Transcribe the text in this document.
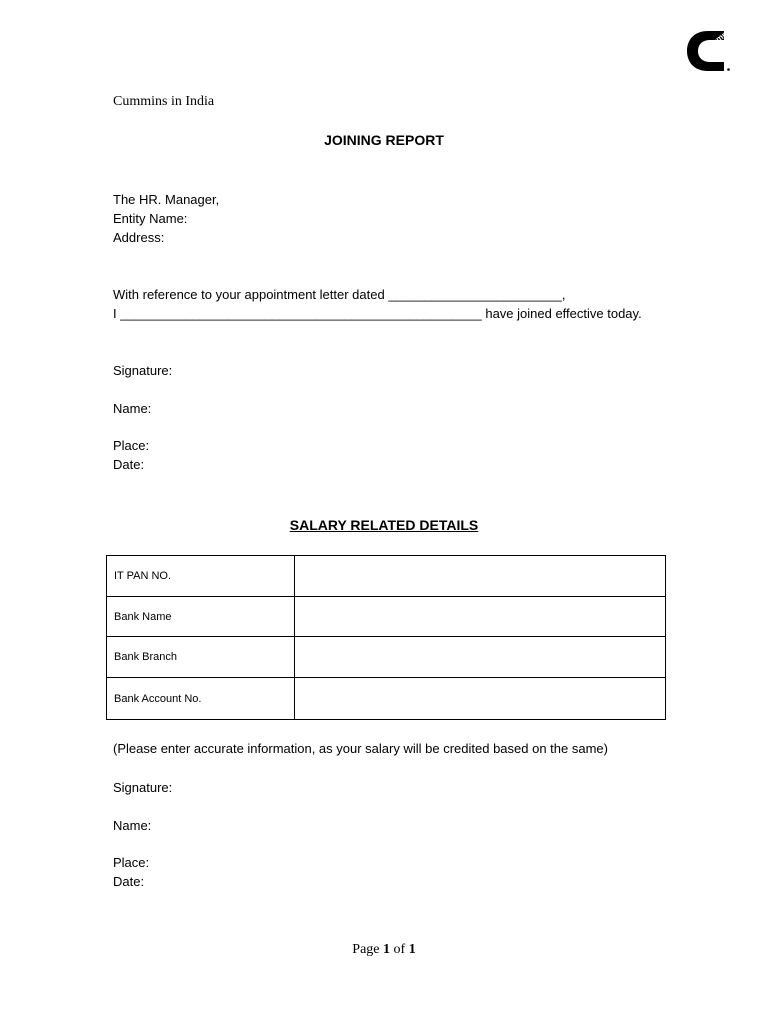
Cummins
Cummins in India
JOINING REPORT
The HR. Manager,
Entity Name:
Address:
With reference to your appointment letter dated ________________________,
I __________________________________________________ have joined effective today.
Signature:
Name:
Place:
Date:
SALARY RELATED DETAILS
IT PAN NO.	
Bank Name	
Bank Branch	
Bank Account No.	
(Please enter accurate information, as your salary will be credited based on the same)
Signature:
Name:
Place:
Date:
Page 1 of 1
